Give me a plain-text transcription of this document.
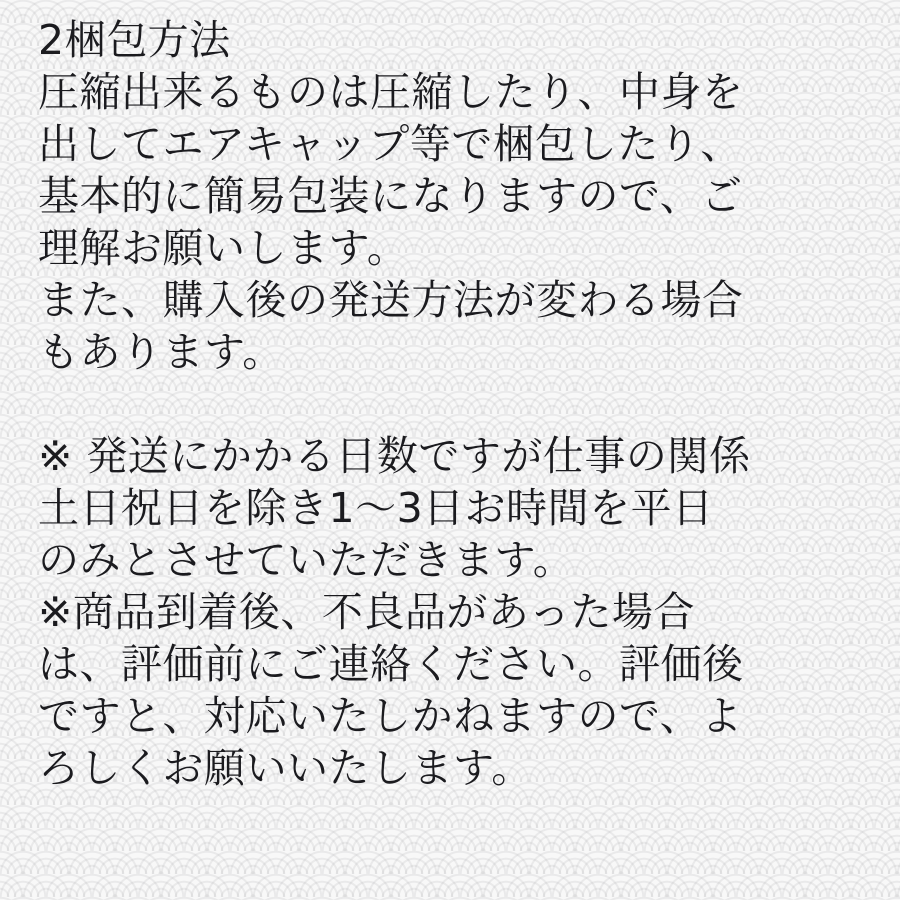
2梱包方法
圧縮出来るものは圧縮したり、中身を
出してエアキャップ等で梱包したり、
基本的に簡易包装になりますので、ご
理解お願いします。
また、購入後の発送方法が変わる場合
もあります。
※ 発送にかかる日数ですが仕事の関係
土日祝日を除き1〜3日お時間を平日
のみとさせていただきます。
※商品到着後、不良品があった場合
は、評価前にご連絡ください。評価後
ですと、対応いたしかねますので、よ
ろしくお願いいたします。
